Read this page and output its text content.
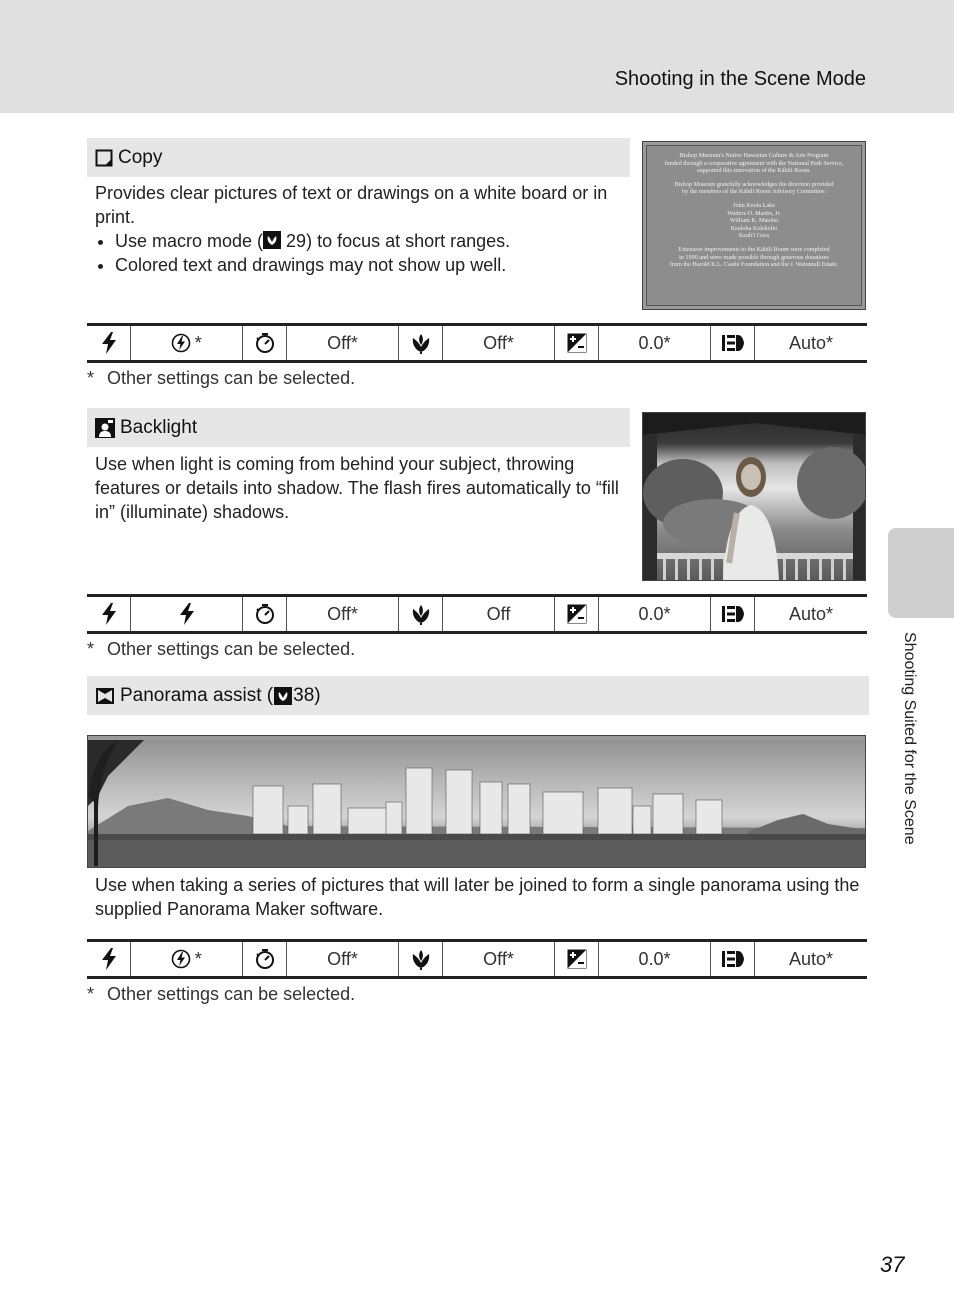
Shooting in the Scene Mode
Shooting Suited for the Scene
Copy

Provides clear pictures of text or drawings on a white board or in print.

• Use macro mode (
29) to focus at short ranges.
• Colored text and drawings may not show up well.
Bishop Museum's Native Hawaiian Culture & Arts Program
funded through a cooperative agreement with the National Park Service,
supported this renovation of the Kāhili Room.
Bishop Museum gratefully acknowledges the direction provided
by the members of the Kāhili Room Advisory Committee:
John Keola Lake
Watters O. Martin, Jr.
William K. Maioho
Kealoha Kelekolio
Keali'i Gora
Extensive improvements to the Kāhili Room were completed
in 1990 and were made possible through generous donations
from the Harold K.L. Castle Foundation and the J. Watumull Estate.
 *	Off*	Off*	0.0*	Auto*
* Other settings can be selected.
Backlight

Use when light is coming from behind your subject, throwing features or details into shadow. The flash fires automatically to “fill in” (illuminate) shadows.

Off*	Off	0.0*	Auto*
* Other settings can be selected.
Panorama assist ( 38)

Use when taking a series of pictures that will later be joined to form a single panorama using the supplied Panorama Maker software.

 *	Off*	Off*	0.0*	Auto*
* Other settings can be selected.
37
